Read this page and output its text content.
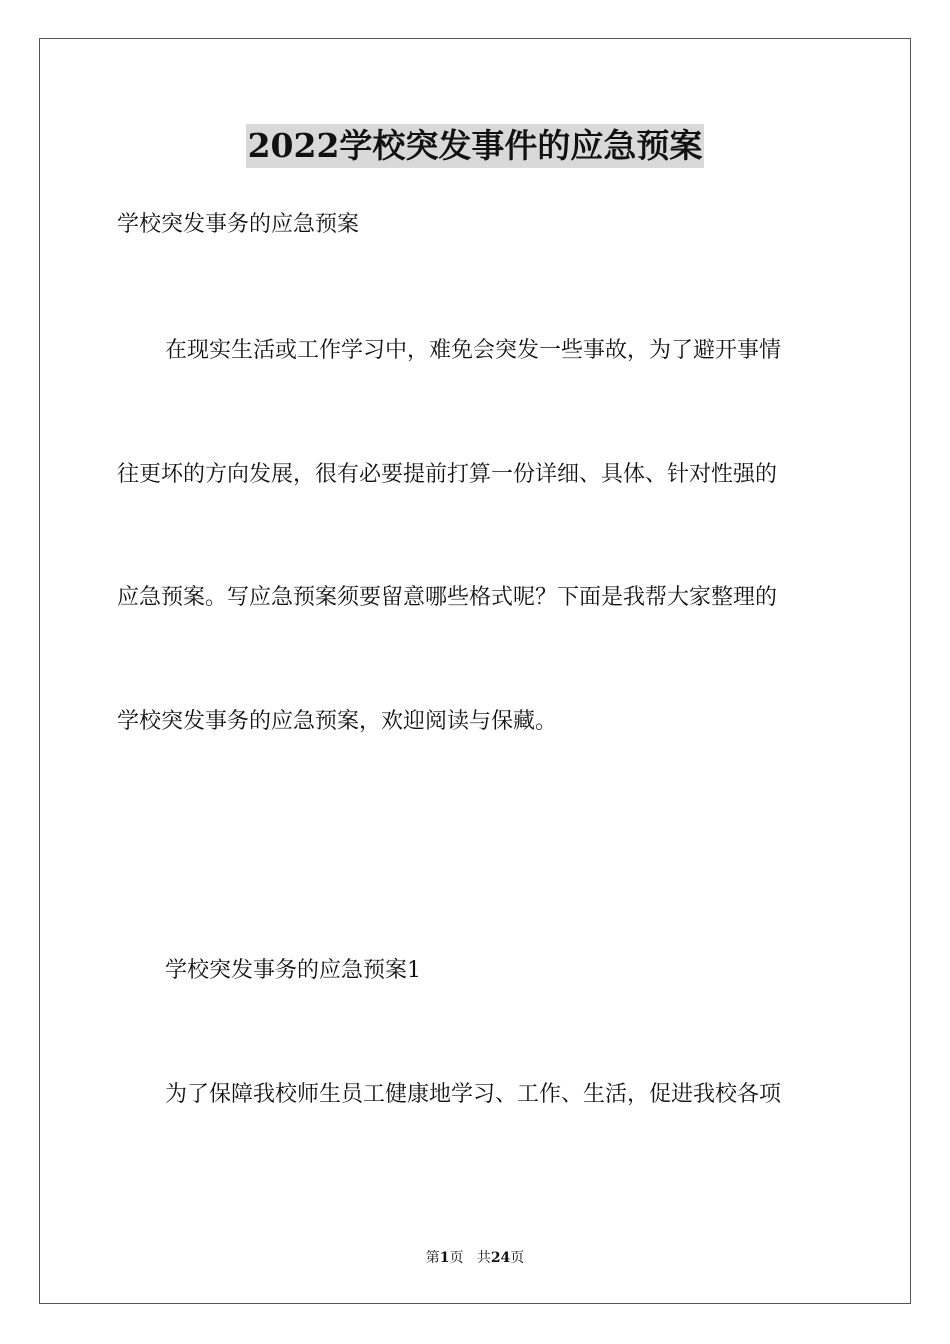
2022学校突发事件的应急预案
学校突发事务的应急预案
在现实生活或工作学习中，难免会突发一些事故，为了避开事情
往更坏的方向发展，很有必要提前打算一份详细、具体、针对性强的
应急预案。写应急预案须要留意哪些格式呢？下面是我帮大家整理的
学校突发事务的应急预案，欢迎阅读与保藏。
学校突发事务的应急预案1
为了保障我校师生员工健康地学习、工作、生活，促进我校各项
第1页 共24页
